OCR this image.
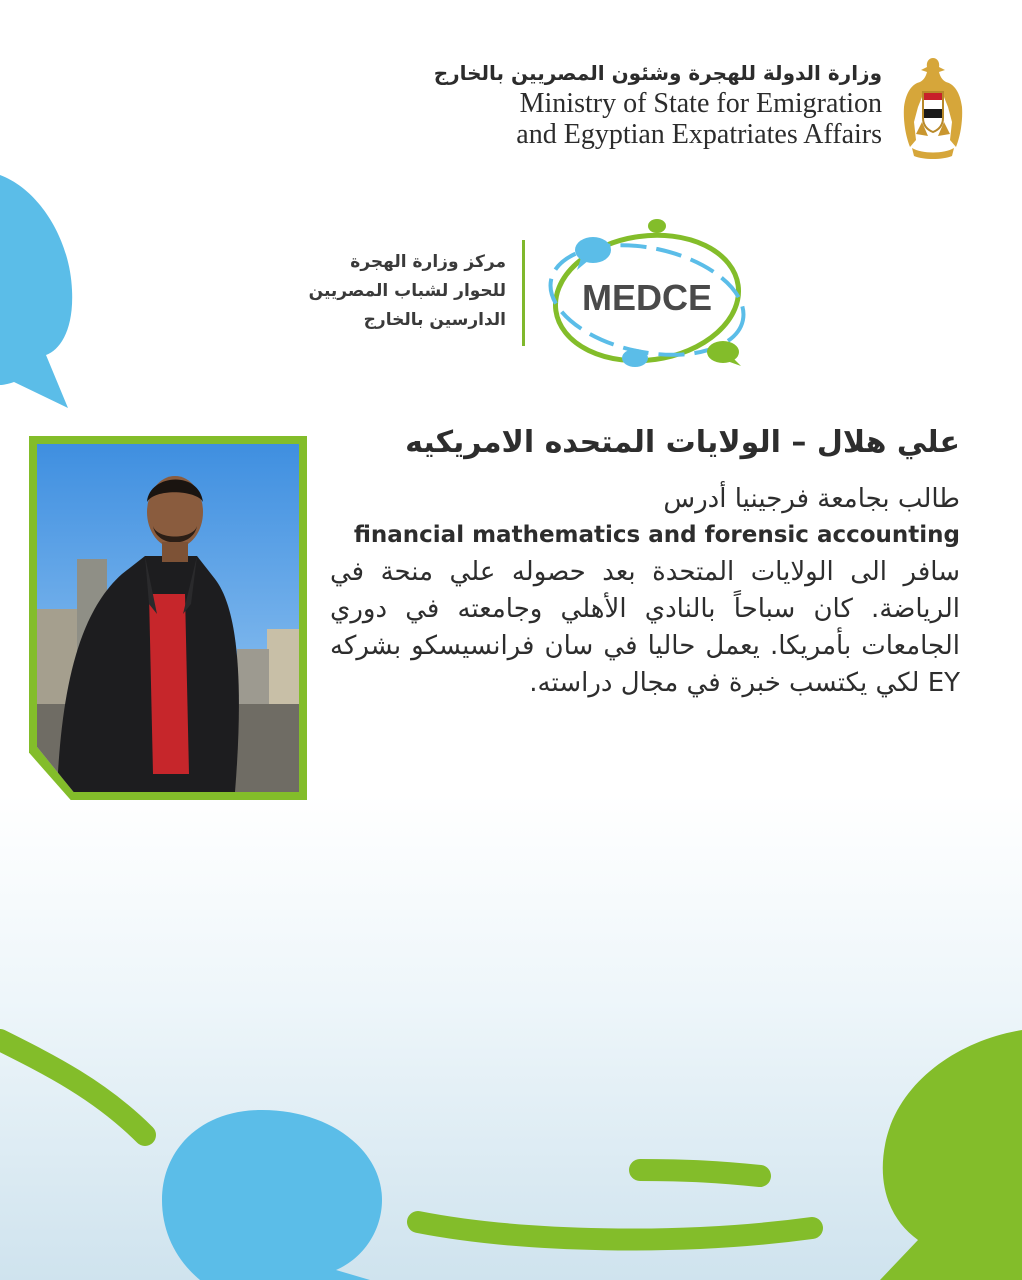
وزارة الدولة للهجرة وشئون المصريين بالخارج
Ministry of State for Emigration
and Egyptian Expatriates Affairs
مركز وزارة الهجرة
للحوار لشباب المصريين
الدارسين بالخارج
MEDCE
علي هلال – الولايات المتحده الامريكيه
طالب بجامعة فرجينيا أدرس
financial mathematics and forensic accounting
سافر الى الولايات المتحدة بعد حصوله علي منحة في الرياضة. كان سباحاً بالنادي الأهلي وجامعته في دوري الجامعات بأمريكا. يعمل حاليا في سان فرانسيسكو بشركه EY لكي يكتسب خبرة في مجال دراسته.
